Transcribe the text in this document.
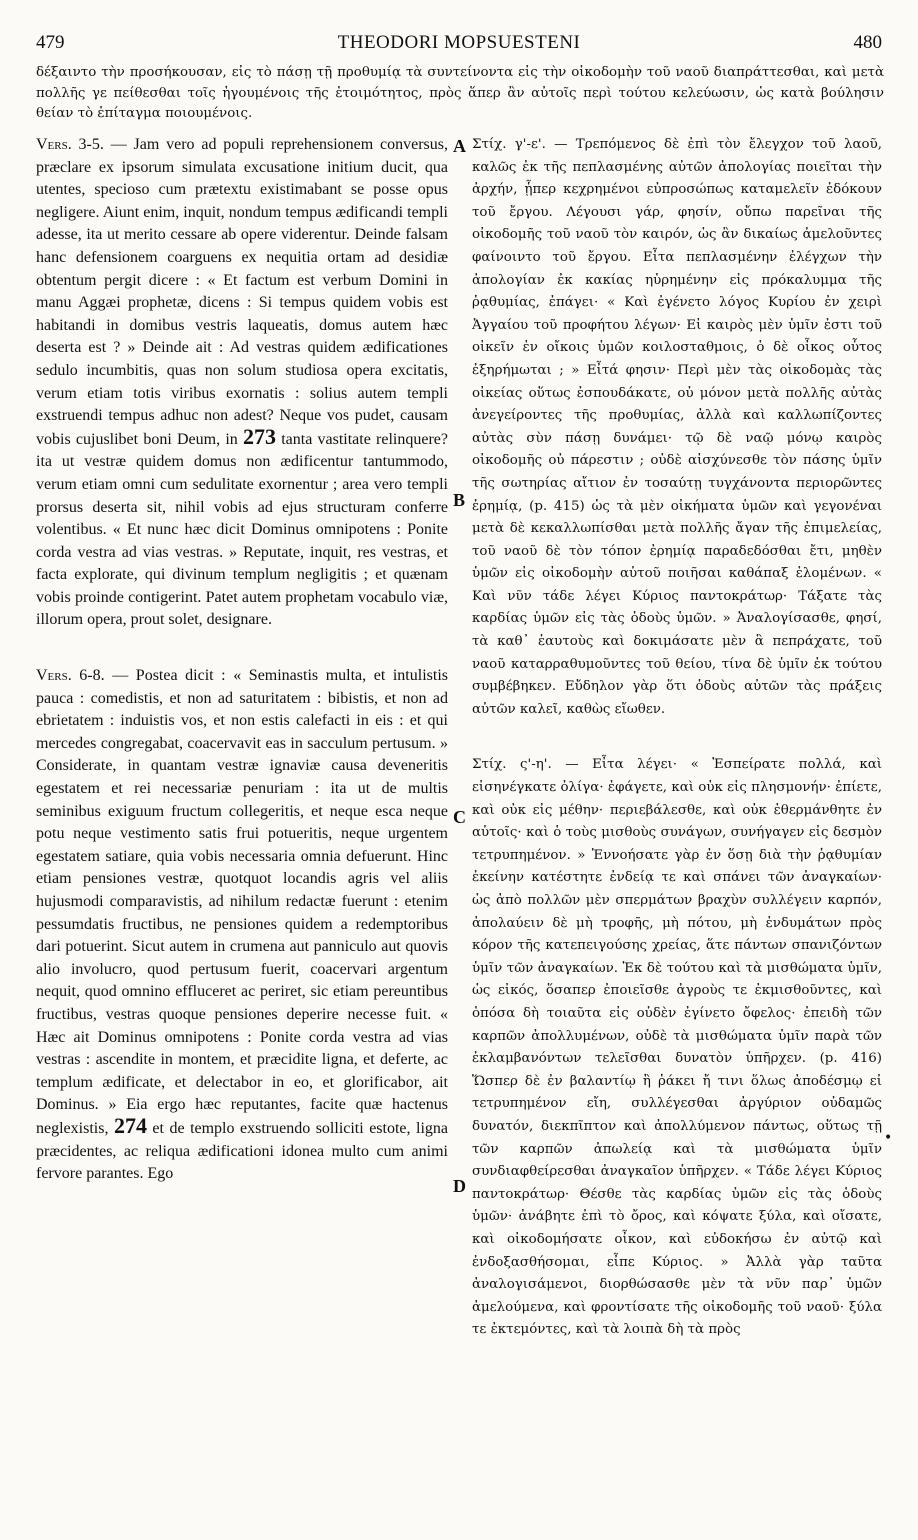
479	THEODORI MOPSUESTENI	480
δέξαιντο τὴν προσήκουσαν, εἰς τὸ πάσῃ τῇ προθυμίᾳ τὰ συντείνοντα εἰς τὴν οἰκοδομὴν τοῦ ναοῦ διαπράττεσθαι, καὶ μετὰ πολλῆς γε πείθεσθαι τοῖς ἡγουμένοις τῆς ἑτοιμότητος, πρὸς ἅπερ ἂν αὐτοῖς περὶ τούτου κελεύωσιν, ὡς κατὰ βούλησιν θείαν τὸ ἐπίταγμα ποιουμένοις.

Vers. 3-5. — Jam vero ad populi reprehensionem conversus, præclare ex ipsorum simulata excusatione initium ducit, qua utentes, specioso cum prætextu existimabant se posse opus negligere. Aiunt enim, inquit, nondum tempus ædificandi templi adesse, ita ut merito cessare ab opere viderentur. Deinde falsam hanc defensionem coarguens ex nequitia ortam ad desidiæ obtentum pergit dicere : « Et factum est verbum Domini in manu Aggæi prophetæ, dicens : Si tempus quidem vobis est habitandi in domibus vestris laqueatis, domus autem hæc deserta est ? » Deinde ait : Ad vestras quidem ædificationes sedulo incumbitis, quas non solum studiosa opera excitatis, verum etiam totis viribus exornatis : solius autem templi exstruendi tempus adhuc non adest? Neque vos pudet, causam vobis cujuslibet boni Deum, in 273 tanta vastitate relinquere? ita ut vestræ quidem domus non ædificentur tantummodo, verum etiam omni cum sedulitate exornentur ; area vero templi prorsus deserta sit, nihil vobis ad ejus structuram conferre volentibus. « Et nunc hæc dicit Dominus omnipotens : Ponite corda vestra ad vias vestras. » Reputate, inquit, res vestras, et facta explorate, qui divinum templum negligitis ; et quænam vobis proinde contigerint. Patet autem prophetam vocabulo viæ, illorum opera, prout solet, designare.

Vers. 6-8. — Postea dicit : « Seminastis multa, et intulistis pauca : comedistis, et non ad saturitatem : bibistis, et non ad ebrietatem : induistis vos, et non estis calefacti in eis : et qui mercedes congregabat, coacervavit eas in sacculum pertusum. » Considerate, in quantam vestræ ignaviæ causa deveneritis egestatem et rei necessariæ penuriam : ita ut de multis seminibus exiguum fructum collegeritis, et neque esca neque potu neque vestimento satis frui potueritis, neque urgentem egestatem satiare, quia vobis necessaria omnia defuerunt. Hinc etiam pensiones vestræ, quotquot locandis agris vel aliis hujusmodi comparavistis, ad nihilum redactæ fuerunt : etenim pessumdatis fructibus, ne pensiones quidem a redemptoribus dari potuerint. Sicut autem in crumena aut panniculo aut quovis alio involucro, quod pertusum fuerit, coacervari argentum nequit, quod omnino effluceret ac periret, sic etiam pereuntibus fructibus, vestras quoque pensiones deperire necesse fuit. « Hæc ait Dominus omnipotens : Ponite corda vestra ad vias vestras : ascendite in montem, et præcidite ligna, et deferte, ac templum ædificate, et delectabor in eo, et glorificabor, ait Dominus. » Eia ergo hæc reputantes, facite quæ hactenus neglexistis, 274 et de templo exstruendo solliciti estote, ligna præcidentes, ac reliqua ædificationi idonea multo cum animi fervore parantes. Ego

Στίχ. γ'-ε'. — Τρεπόμενος δὲ ἐπὶ τὸν ἔλεγχον τοῦ λαοῦ, καλῶς ἐκ τῆς πεπλασμένης αὐτῶν ἀπολογίας ποιεῖται τὴν ἀρχήν, ᾗπερ κεχρημένοι εὐπροσώπως καταμελεῖν ἐδόκουν τοῦ ἔργου. Λέγουσι γάρ, φησίν, οὔπω παρεῖναι τῆς οἰκοδομῆς τοῦ ναοῦ τὸν καιρόν, ὡς ἂν δικαίως ἀμελοῦντες φαίνοιντο τοῦ ἔργου. Εἶτα πεπλασμένην ἐλέγχων τὴν ἀπολογίαν ἐκ κακίας ηὑρημένην εἰς πρόκαλυμμα τῆς ῥᾳθυμίας, ἐπάγει· « Καὶ ἐγένετο λόγος Κυρίου ἐν χειρὶ Ἀγγαίου τοῦ προφήτου λέγων· Εἰ καιρὸς μὲν ὑμῖν ἐστι τοῦ οἰκεῖν ἐν οἴκοις ὑμῶν κοιλοσταθμοις, ὁ δὲ οἶκος οὗτος ἐξηρήμωται ; » Εἶτά φησιν· Περὶ μὲν τὰς οἰκοδομὰς τὰς οἰκείας οὕτως ἐσπουδάκατε, οὐ μόνον μετὰ πολλῆς αὐτὰς ἀνεγείροντες τῆς προθυμίας, ἀλλὰ καὶ καλλωπίζοντες αὐτὰς σὺν πάσῃ δυνάμει· τῷ δὲ ναῷ μόνῳ καιρὸς οἰκοδομῆς οὐ πάρεστιν ; οὐδὲ αἰσχύνεσθε τὸν πάσης ὑμῖν τῆς σωτηρίας αἴτιον ἐν τοσαύτῃ τυγχάνοντα περιορῶντες ἐρημίᾳ, (p. 415) ὡς τὰ μὲν οἰκήματα ὑμῶν καὶ γεγονέναι μετὰ δὲ κεκαλλωπίσθαι μετὰ πολλῆς ἄγαν τῆς ἐπιμελείας, τοῦ ναοῦ δὲ τὸν τόπον ἐρημίᾳ παραδεδόσθαι ἔτι, μηθὲν ὑμῶν εἰς οἰκοδομὴν αὐτοῦ ποιῆσαι καθάπαξ ἑλομένων. « Καὶ νῦν τάδε λέγει Κύριος παντοκράτωρ· Τάξατε τὰς καρδίας ὑμῶν εἰς τὰς ὁδοὺς ὑμῶν. » Ἀναλογίσασθε, φησί, τὰ καθ᾽ ἑαυτοὺς καὶ δοκιμάσατε μὲν ἃ πεπράχατε, τοῦ ναοῦ καταρραθυμοῦντες τοῦ θείου, τίνα δὲ ὑμῖν ἐκ τούτου συμβέβηκεν. Εὔδηλον γὰρ ὅτι ὁδοὺς αὐτῶν τὰς πράξεις αὐτῶν καλεῖ, καθὼς εἴωθεν.

Στίχ. ς'-η'. — Εἶτα λέγει· « Ἐσπείρατε πολλά, καὶ εἰσηνέγκατε ὀλίγα· ἐφάγετε, καὶ οὐκ εἰς πλησμονήν· ἐπίετε, καὶ οὐκ εἰς μέθην· περιεβάλεσθε, καὶ οὐκ ἐθερμάνθητε ἐν αὐτοῖς· καὶ ὁ τοὺς μισθοὺς συνάγων, συνήγαγεν εἰς δεσμὸν τετρυπημένον. » Ἐννοήσατε γὰρ ἐν ὅσῃ διὰ τὴν ῥᾳθυμίαν ἐκείνην κατέστητε ἐνδείᾳ τε καὶ σπάνει τῶν ἀναγκαίων· ὡς ἀπὸ πολλῶν μὲν σπερμάτων βραχὺν συλλέγειν καρπόν, ἀπολαύειν δὲ μὴ τροφῆς, μὴ πότου, μὴ ἐνδυμάτων πρὸς κόρον τῆς κατεπειγούσης χρείας, ἅτε πάντων σπανιζόντων ὑμῖν τῶν ἀναγκαίων. Ἐκ δὲ τούτου καὶ τὰ μισθώματα ὑμῖν, ὡς εἰκός, ὅσαπερ ἐποιεῖσθε ἀγροὺς τε ἐκμισθοῦντες, καὶ ὁπόσα δὴ τοιαῦτα εἰς οὐδὲν ἐγίνετο ὄφελος· ἐπειδὴ τῶν καρπῶν ἀπολλυμένων, οὐδὲ τὰ μισθώματα ὑμῖν παρὰ τῶν ἐκλαμβανόντων τελεῖσθαι δυνατὸν ὑπῆρχεν. (p. 416) Ὥσπερ δὲ ἐν βαλαντίῳ ἢ ῥάκει ἤ τινι ὅλως ἀποδέσμῳ εἰ τετρυπημένον εἴη, συλλέγεσθαι ἀργύριον οὐδαμῶς δυνατόν, διεκπῖπτον καὶ ἀπολλύμενον πάντως, οὕτως τῇ τῶν καρπῶν ἀπωλείᾳ καὶ τὰ μισθώματα ὑμῖν συνδιαφθείρεσθαι ἀναγκαῖον ὑπῆρχεν. « Τάδε λέγει Κύριος παντοκράτωρ· Θέσθε τὰς καρδίας ὑμῶν εἰς τὰς ὁδοὺς ὑμῶν· ἀνάβητε ἐπὶ τὸ ὄρος, καὶ κόψατε ξύλα, καὶ οἴσατε, καὶ οἰκοδομήσατε οἶκον, καὶ εὐδοκήσω ἐν αὐτῷ καὶ ἐνδοξασθήσομαι, εἶπε Κύριος. » Ἀλλὰ γὰρ ταῦτα ἀναλογισάμενοι, διορθώσασθε μὲν τὰ νῦν παρ᾽ ὑμῶν ἀμελούμενα, καὶ φροντίσατε τῆς οἰκοδομῆς τοῦ ναοῦ· ξύλα τε ἐκτεμόντες, καὶ τὰ λοιπὰ δὴ τὰ πρὸς

A
B
C
D
•
